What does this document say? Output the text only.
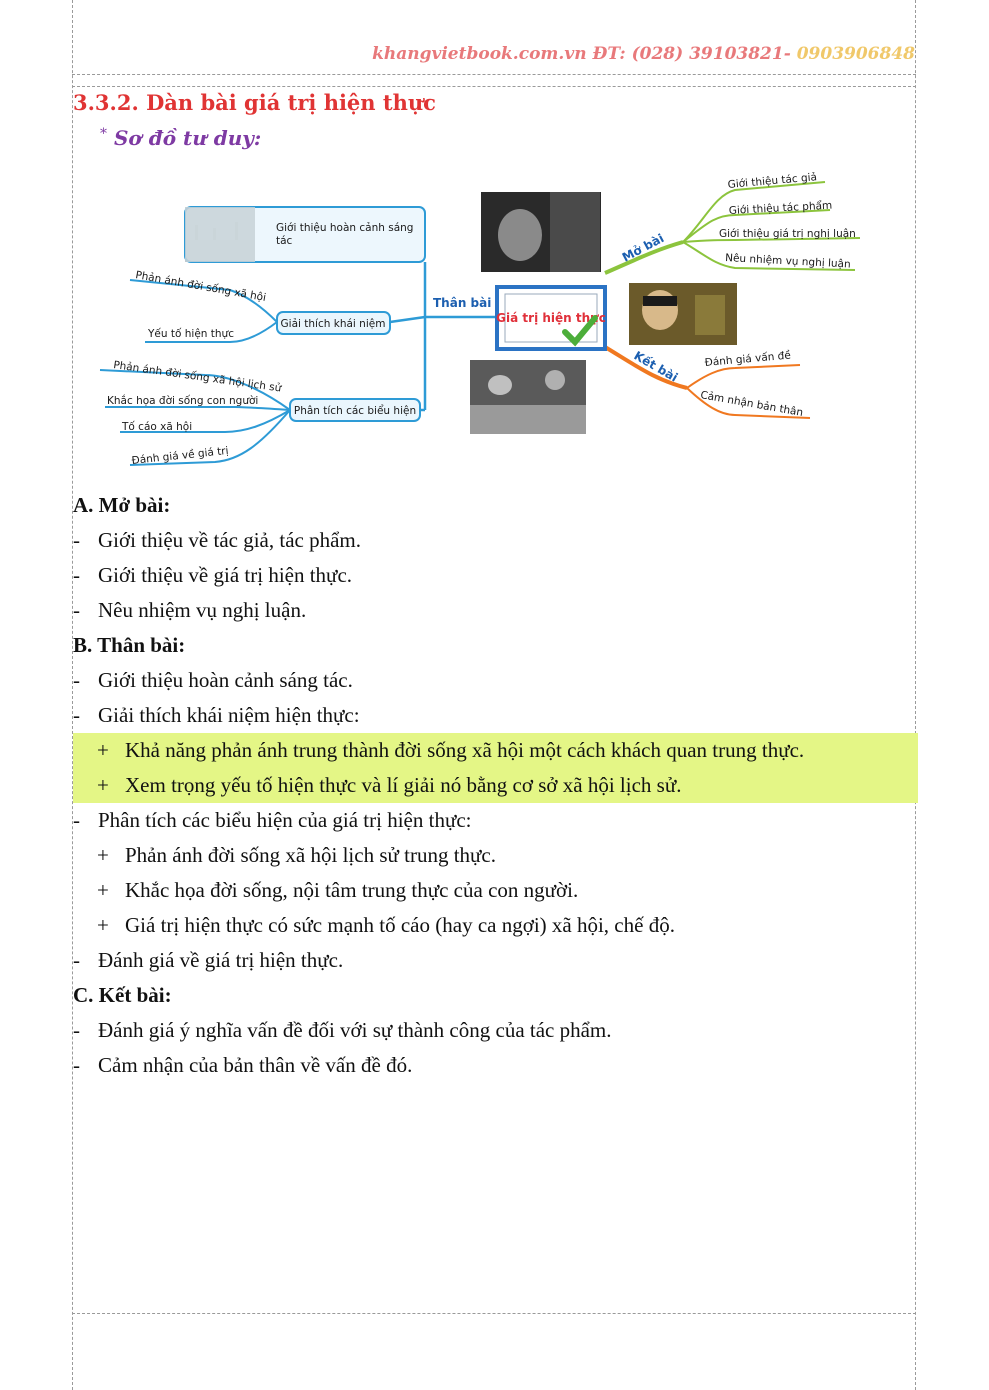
khangvietbook.com.vn ĐT: (028) 39103821- 0903906848
3.3.2. Dàn bài giá trị hiện thực
* Sơ đồ tư duy:
Giá trị hiện thực
Thân bài
Mở bài
Kết bài
Giới thiệu hoàn cảnh sáng
tác
Giải thích khái niệm
Phân tích các biểu hiện
Phản ánh đời sống xã hội
Yếu tố hiện thực
Phản ánh đời sống xã hội lịch sử
Khắc họa đời sống con người
Tố cáo xã hội
Đánh giá về giá trị
Giới thiệu tác giả
Giới thiệu tác phẩm
Giới thiệu giá trị nghị luận
Nêu nhiệm vụ nghị luận
Đánh giá vấn đề
Cảm nhận bản thân
A. Mở bài:
- Giới thiệu về tác giả, tác phẩm.
- Giới thiệu về giá trị hiện thực.
- Nêu nhiệm vụ nghị luận.
B. Thân bài:
- Giới thiệu hoàn cảnh sáng tác.
- Giải thích khái niệm hiện thực:
+ Khả năng phản ánh trung thành đời sống xã hội một cách khách quan trung thực.
+ Xem trọng yếu tố hiện thực và lí giải nó bằng cơ sở xã hội lịch sử.
- Phân tích các biểu hiện của giá trị hiện thực:
+ Phản ánh đời sống xã hội lịch sử trung thực.
+ Khắc họa đời sống, nội tâm trung thực của con người.
+ Giá trị hiện thực có sức mạnh tố cáo (hay ca ngợi) xã hội, chế độ.
- Đánh giá về giá trị hiện thực.
C. Kết bài:
- Đánh giá ý nghĩa vấn đề đối với sự thành công của tác phẩm.
- Cảm nhận của bản thân về vấn đề đó.
